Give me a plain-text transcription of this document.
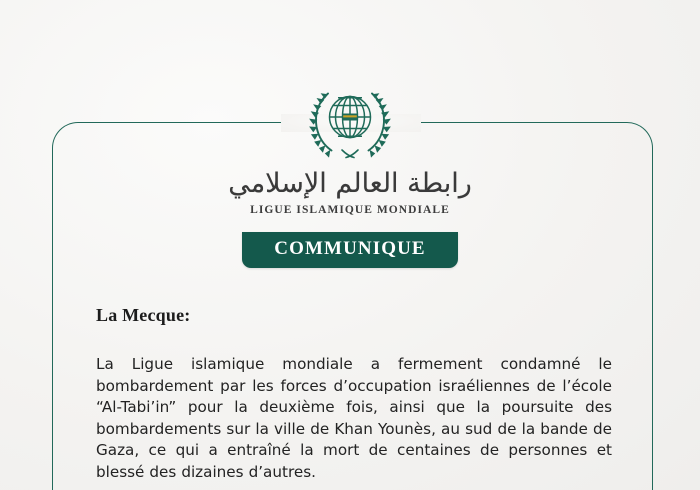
رابطة العالم الإسلامي
LIGUE ISLAMIQUE MONDIALE
COMMUNIQUE
La Mecque:
La Ligue islamique mondiale a fermement condamné le bombardement par les forces d’occupation israéliennes de l’école “Al-Tabi’in” pour la deuxième fois, ainsi que la poursuite des bombardements sur la ville de Khan Younès, au sud de la bande de Gaza, ce qui a entraîné la mort de centaines de personnes et blessé des dizaines d’autres.
